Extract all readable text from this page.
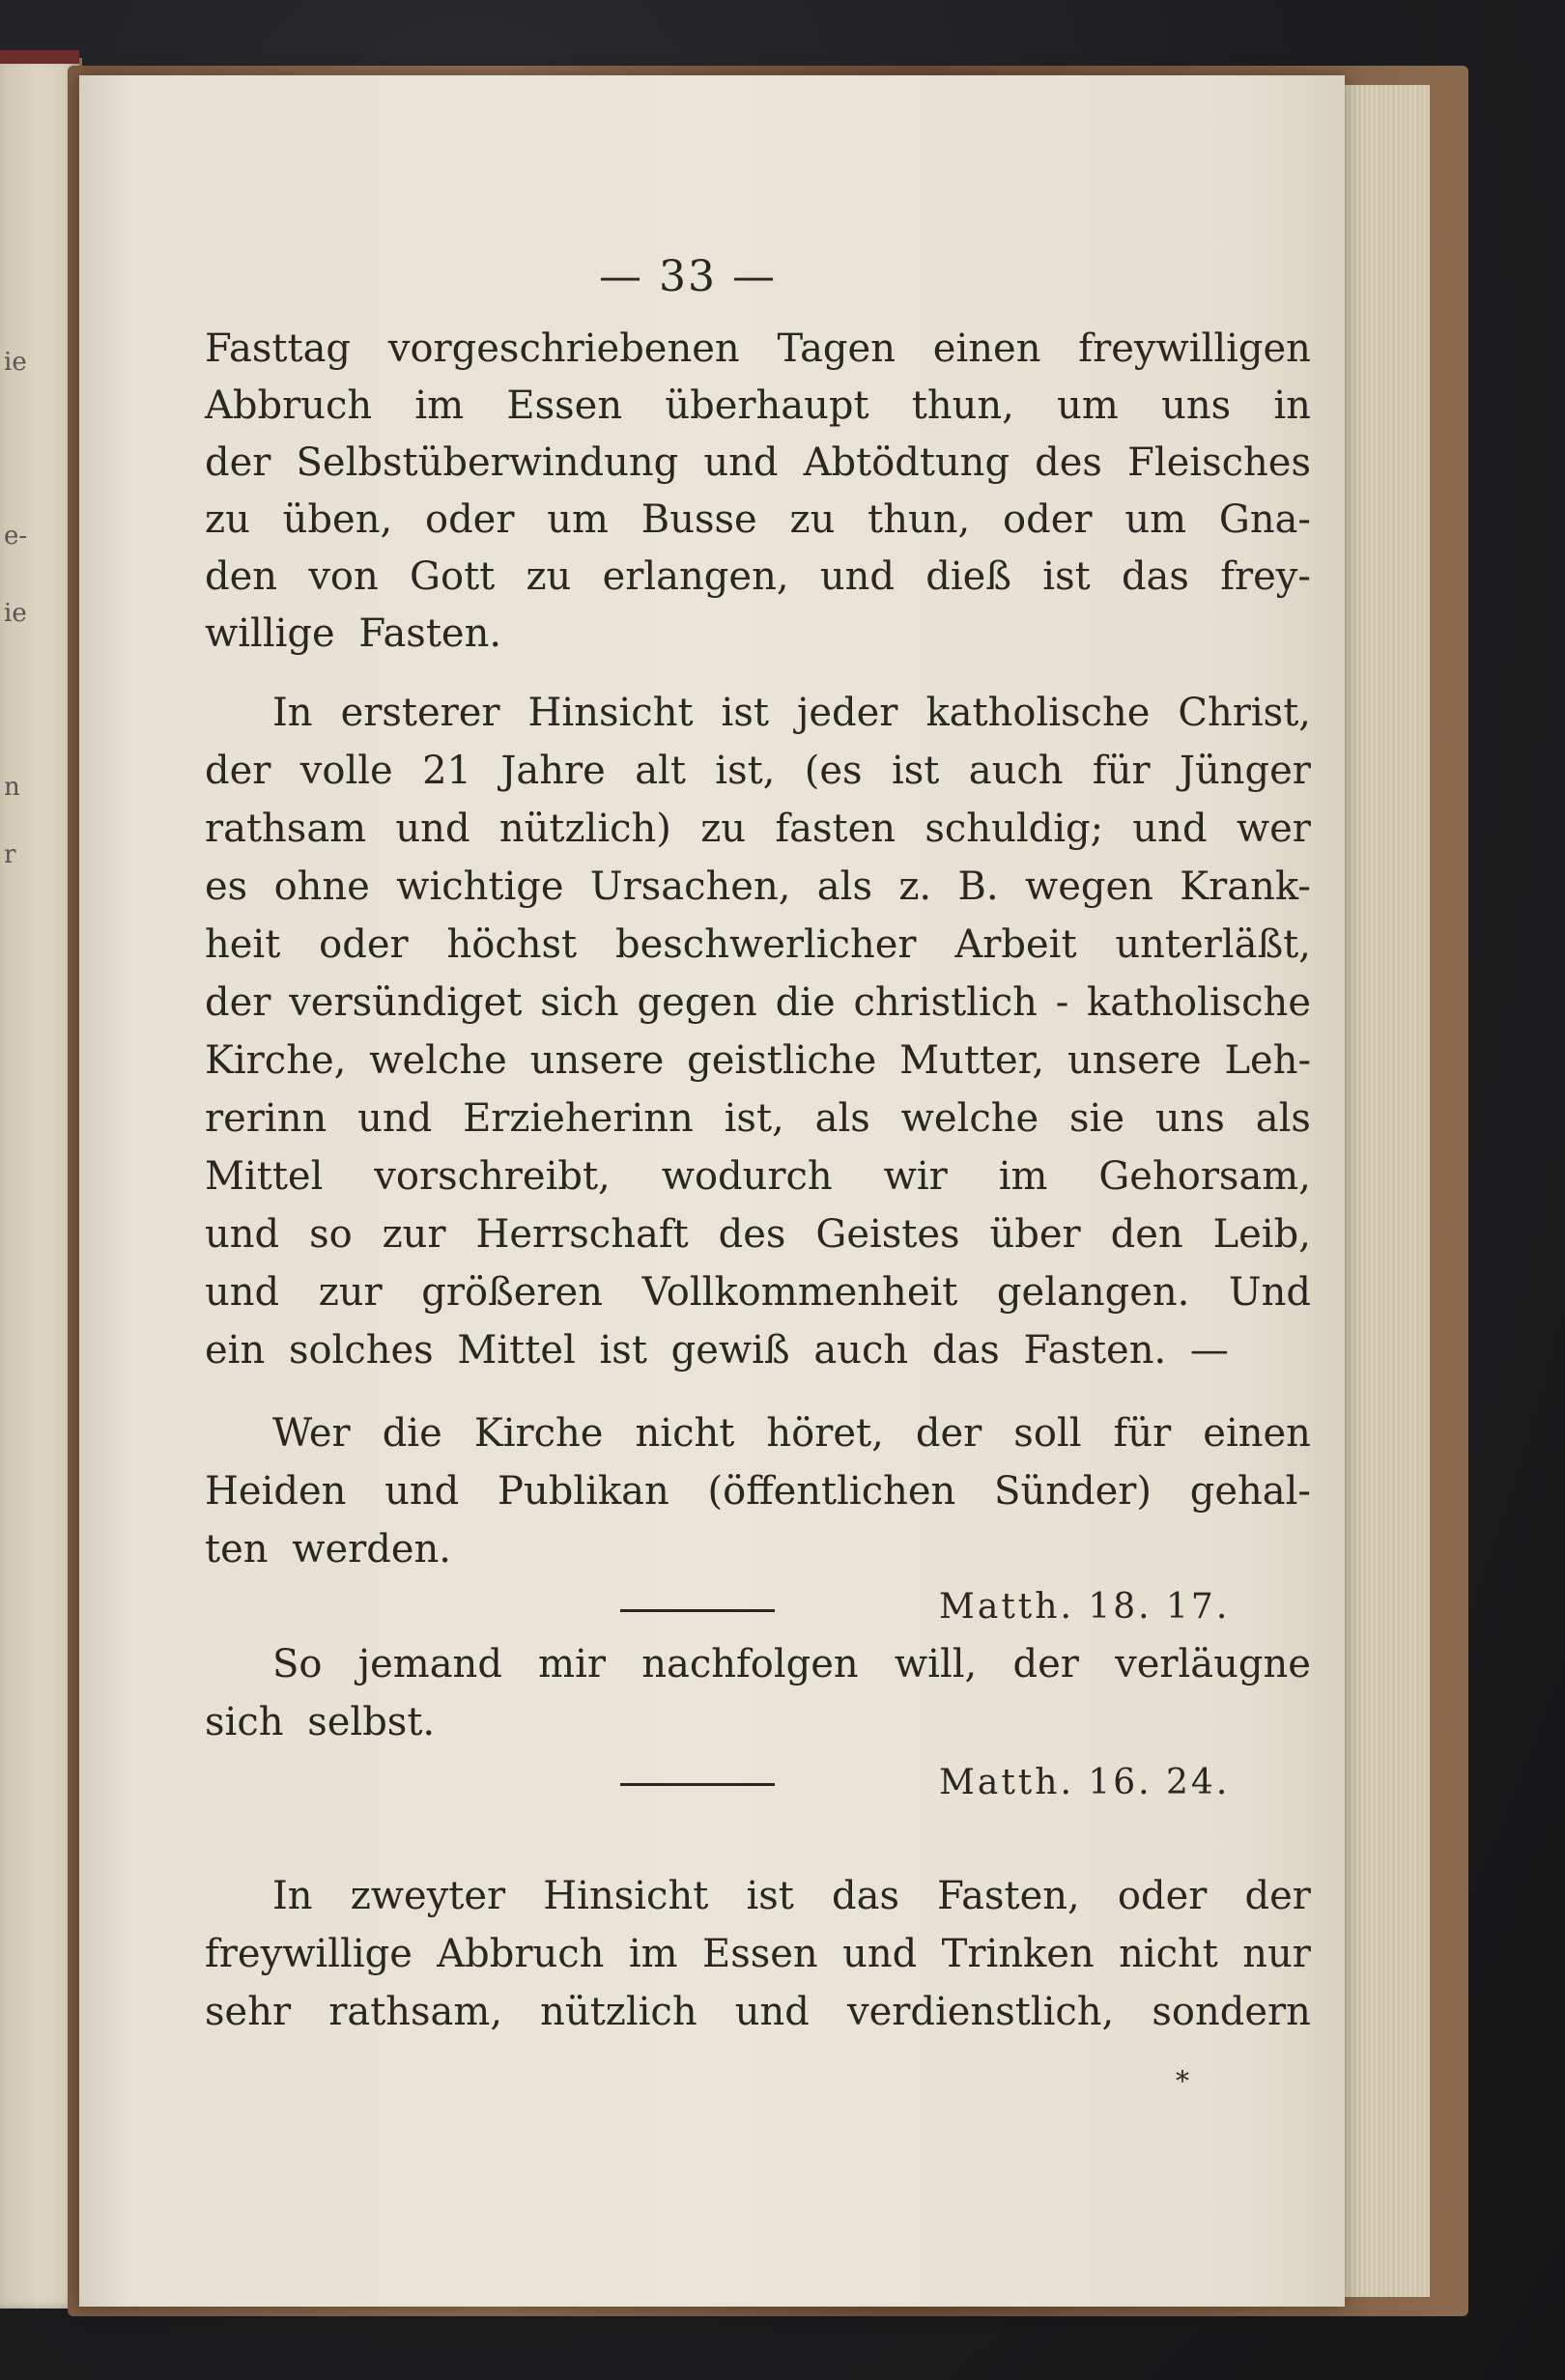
ie
e-
ie
n
r
— 33 —
Fasttag vorgeschriebenen Tagen einen freywilligen
Abbruch im Essen überhaupt thun, um uns in
der Selbstüberwindung und Abtödtung des Fleisches
zu üben, oder um Busse zu thun, oder um Gna-
den von Gott zu erlangen, und dieß ist das frey-
willige Fasten.
In ersterer Hinsicht ist jeder katholische Christ,
der volle 21 Jahre alt ist, (es ist auch für Jünger
rathsam und nützlich) zu fasten schuldig; und wer
es ohne wichtige Ursachen, als z. B. wegen Krank-
heit oder höchst beschwerlicher Arbeit unterläßt,
der versündiget sich gegen die christlich - katholische
Kirche, welche unsere geistliche Mutter, unsere Leh-
rerinn und Erzieherinn ist, als welche sie uns als
Mittel vorschreibt, wodurch wir im Gehorsam,
und so zur Herrschaft des Geistes über den Leib,
und zur größeren Vollkommenheit gelangen. Und
ein solches Mittel ist gewiß auch das Fasten. —
Wer die Kirche nicht höret, der soll für einen
Heiden und Publikan (öffentlichen Sünder) gehal-
ten werden.
Matth. 18. 17.
So jemand mir nachfolgen will, der verläugne
sich selbst.
Matth. 16. 24.
In zweyter Hinsicht ist das Fasten, oder der
freywillige Abbruch im Essen und Trinken nicht nur
sehr rathsam, nützlich und verdienstlich, sondern
*
